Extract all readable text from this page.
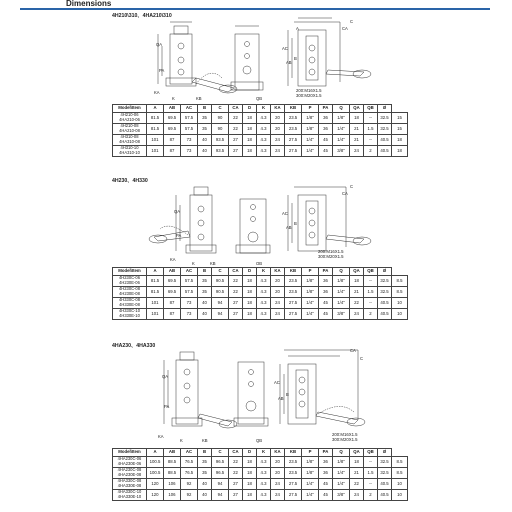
Dimensions
4H210\310、4HA210\310
CA
C
QA
PA
KA
K	KB
AC
AB
B
A
QB
200:M16X1.5
300:M20X1.5
Model\Item	A	AB	AC	B	C	CA	D	K	KA	KB	P	PA	Q	QA	QB	Ø	

4H210-06
4HA210-06	81.5	69.5	57.5	35	90	22	18	4.3	20	23.5	1/8"	36	1/8"	18	--	32.5	15

4H210-08
4HA210-08	81.5	69.5	57.5	35	90	22	18	4.3	20	23.5	1/8"	36	1/4"	21	1.5	32.5	15

4H310-08
4HA310-08	101	87	73	40	93.5	27	18	4.3	24	27.5	1/4"	45	1/4"	21	--	40.5	18

4H310-10
4HA310-10	101	87	73	40	93.5	27	18	4.3	24	27.5	1/4"	45	3/8"	24	2	40.5	18
4H230、4H330
CA
C
QA
PA
KA
K	KB
AC
AB
B
QB
200:M16X1.5
300:M20X1.5
Model\Item	A	AB	AC	B	C	CA	D	K	KA	KB	P	PA	Q	QA	QB	Ø	

4H230C-06
4H230E-06	81.5	69.5	57.5	35	90.5	22	18	4.3	20	23.5	1/8"	36	1/8"	18	--	32.5	8.5

4H230C-08
4H230E-08	81.5	69.5	57.5	35	90.5	22	18	4.3	20	23.5	1/8"	36	1/4"	21	1.5	32.5	8.5

4H330C-08
4H330E-08	101	87	73	40	94	27	18	4.3	24	27.5	1/4"	45	1/4"	22	--	40.5	10

4H330C-10
4H330E-10	101	87	73	40	94	27	18	4.3	24	27.5	1/4"	45	3/8"	24	2	40.5	10
4HA230、4HA330
CA
C
QA
PA
KA
K	KB
AC
AB
B
QB
200:M16X1.5
300:M20X1.5
Model\Item	A	AB	AC	B	C	CA	D	K	KA	KB	P	PA	Q	QA	QB	Ø	

4HA230C-06
4HA230E-06	100.5	88.5	76.5	35	96.5	22	18	4.3	20	23.5	1/8"	36	1/8"	18	--	32.5	8.5

4HA230C-08
4HA230E-08	100.5	88.5	76.5	35	96.5	22	18	4.3	20	23.5	1/8"	36	1/4"	21	1.5	32.5	8.5

4HA330C-08
4HA330E-08	120	106	92	40	94	27	18	4.3	24	27.5	1/4"	45	1/4"	22	--	40.5	10

4HA330C-10
4HA330E-10	120	106	92	40	94	27	18	4.3	24	27.5	1/4"	45	3/8"	24	2	40.5	10
